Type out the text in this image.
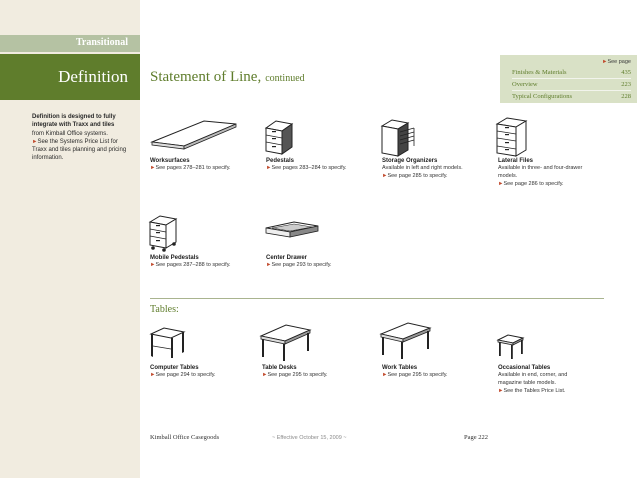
Transitional
Definition
Definition is designed to fully integrate with Traxx and tiles from Kimball Office systems.
►See the Systems Price List for Traxx and tiles planning and pricing information.
Statement of Line, continued
►See page
Finishes & Materials	435
Overview	223
Typical Configurations	228
Worksurfaces
►See pages 278–281 to specify.
Pedestals
►See pages 283–284 to specify.
Storage Organizers
Available in left and right models.
►See page 285 to specify.
Lateral Files
Available in three- and four-drawer
models.
►See page 286 to specify.
Mobile Pedestals
►See pages 287–288 to specify.
Center Drawer
►See page 293 to specify.
Tables:
Computer Tables
►See page 294 to specify.
Table Desks
►See page 295 to specify.
Work Tables
►See page 295 to specify.
Occasional Tables
Available in end, corner, and
magazine table models.
►See the Tables Price List.
Kimball Office Casegoods	~ Effective October 15, 2009 ~	Page 222
